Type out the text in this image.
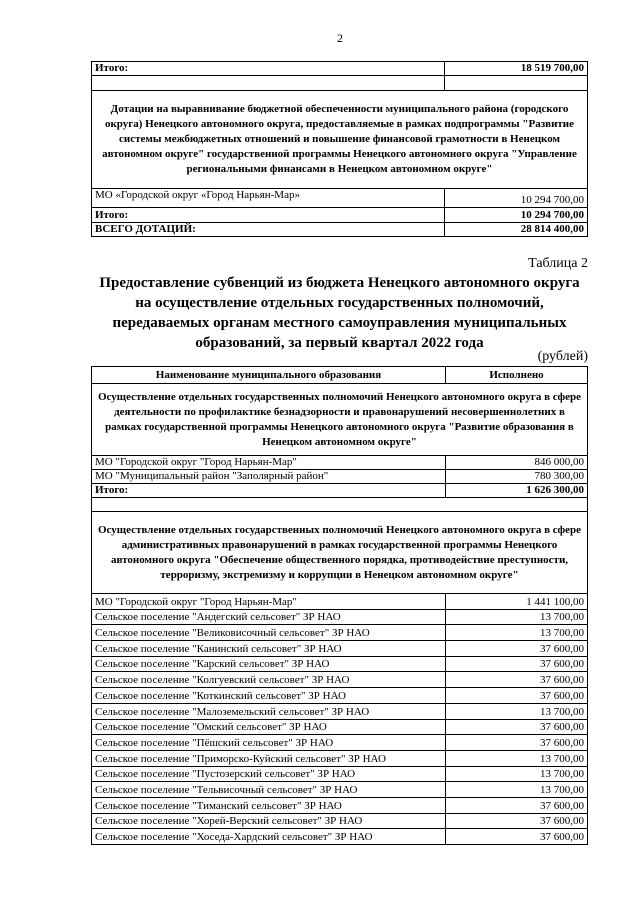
2
Итого:	18 519 700,00

Дотации на выравнивание бюджетной обеспеченности муниципального района (городского округа) Ненецкого автономного округа, предоставляемые в рамках подпрограммы "Развитие системы межбюджетных отношений и повышение финансовой грамотности в Ненецком автономном округе" государственной программы Ненецкого автономного округа "Управление региональными финансами в Ненецком автономном округе"	
МО «Городской округ «Город Нарьян-Мар»	10 294 700,00
Итого:	10 294 700,00
ВСЕГО ДОТАЦИЙ:	28 814 400,00
Таблица 2
Предоставление субвенций из бюджета Ненецкого автономного округа на осуществление отдельных государственных полномочий, передаваемых органам местного самоуправления муниципальных образований, за первый квартал 2022 года
(рублей)
Наименование муниципального образования	Исполнено
Осуществление отдельных государственных полномочий Ненецкого автономного округа в сфере деятельности по профилактике безнадзорности и правонарушений несовершеннолетних в рамках государственной программы Ненецкого автономного округа "Развитие образования в Ненецком автономном округе"	
МО "Городской округ "Город Нарьян-Мар"	846 000,00
МО "Муниципальный район "Заполярный район"	780 300,00
Итого:	1 626 300,00

Осуществление отдельных государственных полномочий Ненецкого автономного округа в сфере административных правонарушений в рамках государственной программы Ненецкого автономного округа "Обеспечение общественного порядка, противодействие преступности, терроризму, экстремизму и коррупции в Ненецком автономном округе"	
МО "Городской округ "Город Нарьян-Мар"	1 441 100,00
Сельское поселение "Андегский сельсовет" ЗР НАО	13 700,00
Сельское поселение "Великовисочный сельсовет" ЗР НАО	13 700,00
Сельское поселение "Канинский сельсовет" ЗР НАО	37 600,00
Сельское поселение "Карский сельсовет" ЗР НАО	37 600,00
Сельское поселение "Колгуевский сельсовет" ЗР НАО	37 600,00
Сельское поселение "Коткинский сельсовет" ЗР НАО	37 600,00
Сельское поселение "Малоземельский сельсовет" ЗР НАО	13 700,00
Сельское поселение "Омский сельсовет" ЗР НАО	37 600,00
Сельское поселение "Пёшский сельсовет" ЗР НАО	37 600,00
Сельское поселение "Приморско-Куйский сельсовет" ЗР НАО	13 700,00
Сельское поселение "Пустозерский сельсовет" ЗР НАО	13 700,00
Сельское поселение "Тельвисочный сельсовет" ЗР НАО	13 700,00
Сельское поселение "Тиманский сельсовет" ЗР НАО	37 600,00
Сельское поселение "Хорей-Верский сельсовет" ЗР НАО	37 600,00
Сельское поселение "Хоседа-Хардский сельсовет" ЗР НАО	37 600,00
